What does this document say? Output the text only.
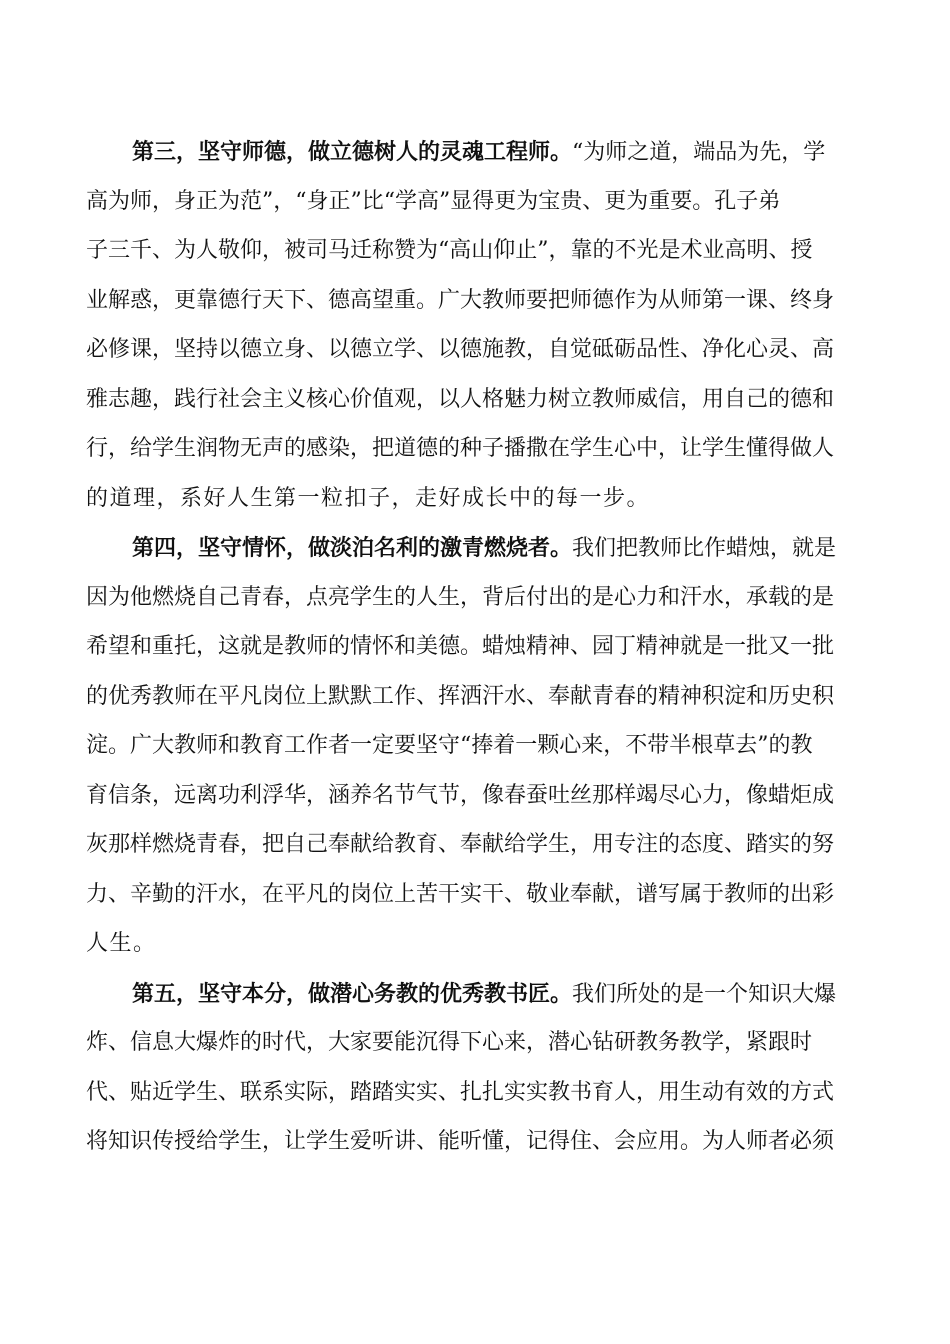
第三，坚守师德，做立德树人的灵魂工程师。“为师之道，端品为先，学
高为师，身正为范”，“身正”比“学高”显得更为宝贵、更为重要。孔子弟
子三千、为人敬仰，被司马迁称赞为“高山仰止”，靠的不光是术业高明、授
业解惑，更靠德行天下、德高望重。广大教师要把师德作为从师第一课、终身
必修课，坚持以德立身、以德立学、以德施教，自觉砥砺品性、净化心灵、高
雅志趣，践行社会主义核心价值观，以人格魅力树立教师威信，用自己的德和
行，给学生润物无声的感染，把道德的种子播撒在学生心中，让学生懂得做人
的道理，系好人生第一粒扣子，走好成长中的每一步。
第四，坚守情怀，做淡泊名利的激青燃烧者。我们把教师比作蜡烛，就是
因为他燃烧自己青春，点亮学生的人生，背后付出的是心力和汗水，承载的是
希望和重托，这就是教师的情怀和美德。蜡烛精神、园丁精神就是一批又一批
的优秀教师在平凡岗位上默默工作、挥洒汗水、奉献青春的精神积淀和历史积
淀。广大教师和教育工作者一定要坚守“捧着一颗心来，不带半根草去”的教
育信条，远离功利浮华，涵养名节气节，像春蚕吐丝那样竭尽心力，像蜡炬成
灰那样燃烧青春，把自己奉献给教育、奉献给学生，用专注的态度、踏实的努
力、辛勤的汗水，在平凡的岗位上苦干实干、敬业奉献，谱写属于教师的出彩
人生。
第五，坚守本分，做潜心务教的优秀教书匠。我们所处的是一个知识大爆
炸、信息大爆炸的时代，大家要能沉得下心来，潜心钻研教务教学，紧跟时
代、贴近学生、联系实际，踏踏实实、扎扎实实教书育人，用生动有效的方式
将知识传授给学生，让学生爱听讲、能听懂，记得住、会应用。为人师者必须
